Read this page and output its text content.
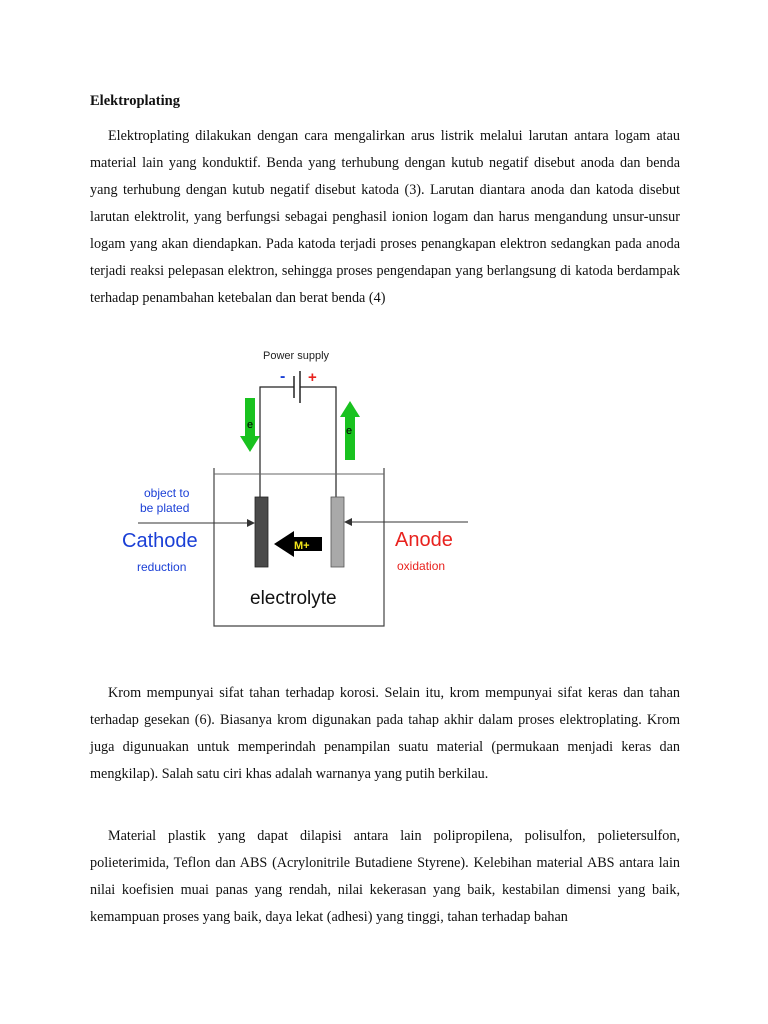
Elektroplating

Elektroplating dilakukan dengan cara mengalirkan arus listrik melalui larutan antara logam atau material lain yang konduktif. Benda yang terhubung dengan kutub negatif disebut anoda dan benda yang terhubung dengan kutub negatif disebut katoda (3). Larutan diantara anoda dan katoda disebut larutan elektrolit, yang berfungsi sebagai penghasil ionion logam dan harus mengandung unsur-unsur logam yang akan diendapkan. Pada katoda terjadi proses penangkapan elektron sedangkan pada anoda terjadi reaksi pelepasan elektron, sehingga proses pengendapan yang berlangsung di katoda berdampak terhadap penambahan ketebalan dan berat benda (4)

Krom mempunyai sifat tahan terhadap korosi. Selain itu, krom mempunyai sifat keras dan tahan terhadap gesekan (6). Biasanya krom digunakan pada tahap akhir dalam proses elektroplating. Krom juga digunuakan untuk memperindah penampilan suatu material (permukaan menjadi keras dan mengkilap). Salah satu ciri khas adalah warnanya yang putih berkilau.

Material plastik yang dapat dilapisi antara lain polipropilena, polisulfon, polietersulfon, polieterimida, Teflon dan ABS (Acrylonitrile Butadiene Styrene). Kelebihan material ABS antara lain nilai koefisien muai panas yang rendah, nilai kekerasan yang baik, kestabilan dimensi yang baik, kemampuan proses yang baik, daya lekat (adhesi) yang tinggi, tahan terhadap bahan

Power supply
- +
e	e
M+
object to
be plated
Cathode
reduction
Anode
oxidation
electrolyte
